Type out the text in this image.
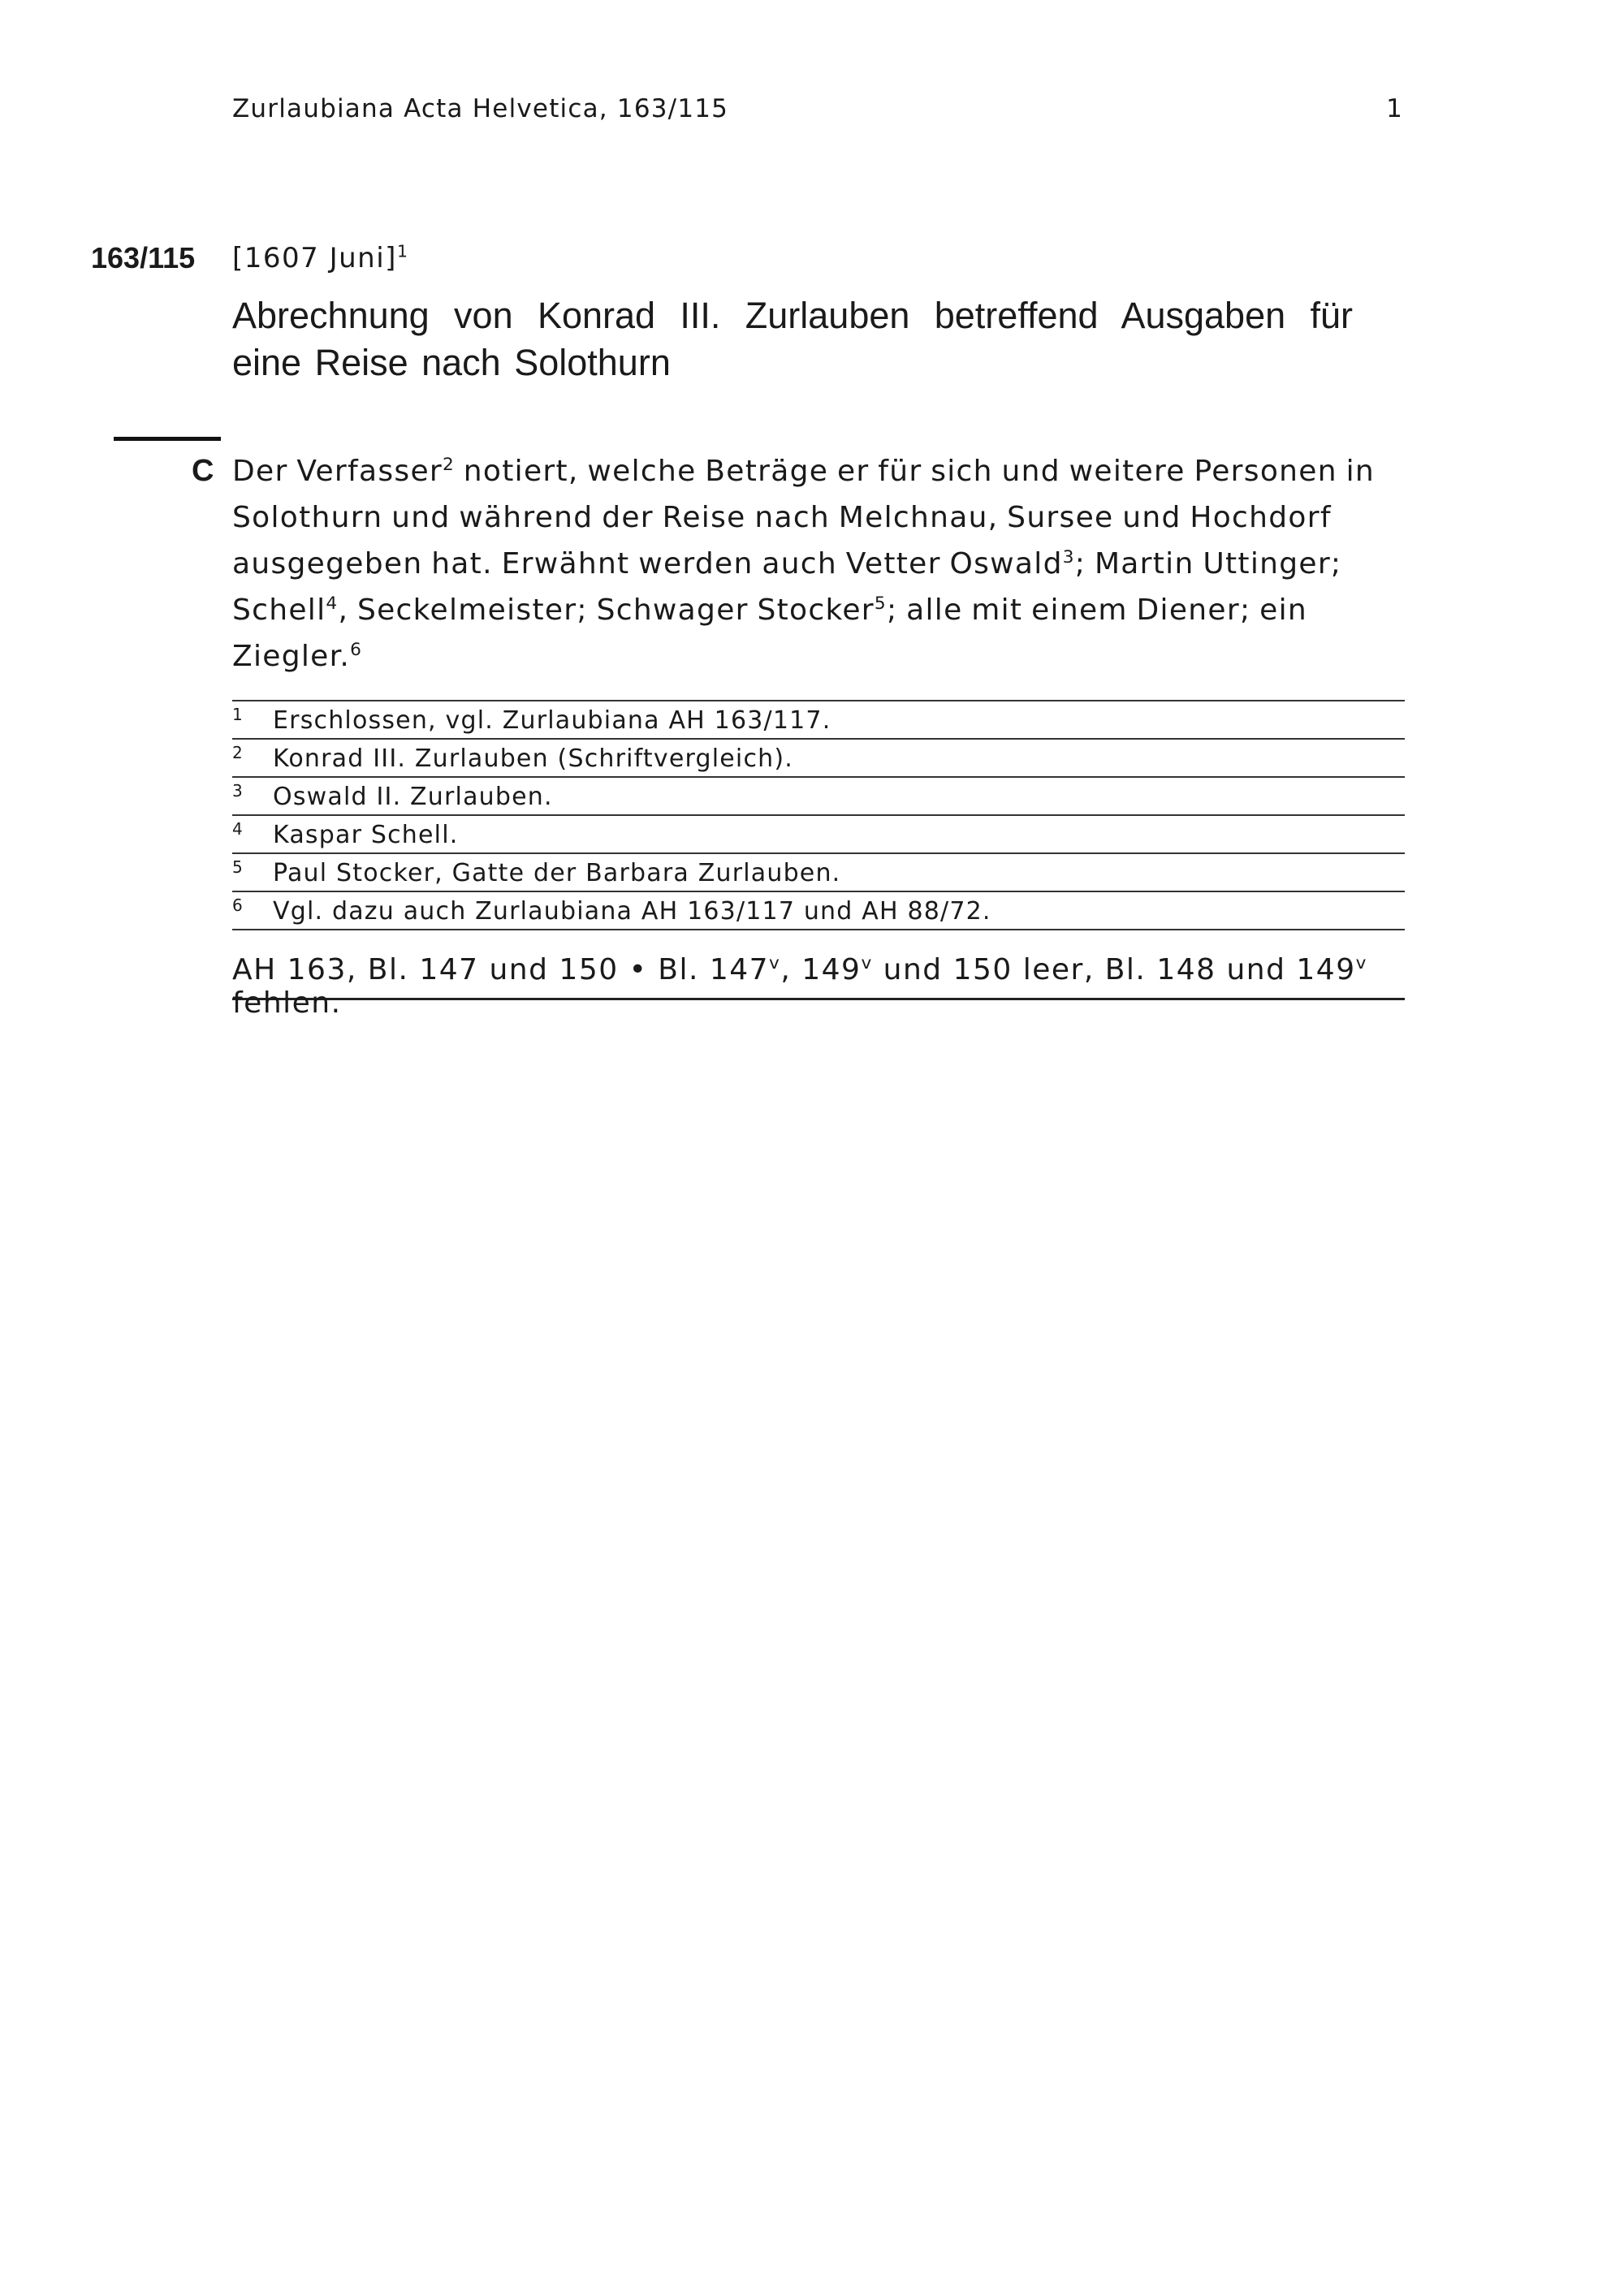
Zurlaubiana Acta Helvetica, 163/115	1
163/115 [1607 Juni]$^1$
Abrechnung von Konrad III. Zurlauben betreffend Ausgaben für eine Reise nach Solothurn
C Der Verfasser$^2$ notiert, welche Beträge er für sich und weitere Personen in Solothurn und während der Reise nach Melchnau, Sursee und Hochdorf ausgegeben hat. Erwähnt werden auch Vetter Oswald$^3$; Martin Uttinger; Schell$^4$, Seckelmeister; Schwager Stocker$^5$; alle mit einem Diener; ein Ziegler.$^6$
1	Erschlossen, vgl. Zurlaubiana AH 163/117.
2	Konrad III. Zurlauben (Schriftvergleich).
3	Oswald II. Zurlauben.
4	Kaspar Schell.
5	Paul Stocker, Gatte der Barbara Zurlauben.
6	Vgl. dazu auch Zurlaubiana AH 163/117 und AH 88/72.
AH 163, Bl. 147 und 150 • Bl. 147$^v$, 149$^v$ und 150 leer, Bl. 148 und 149$^v$ fehlen.
